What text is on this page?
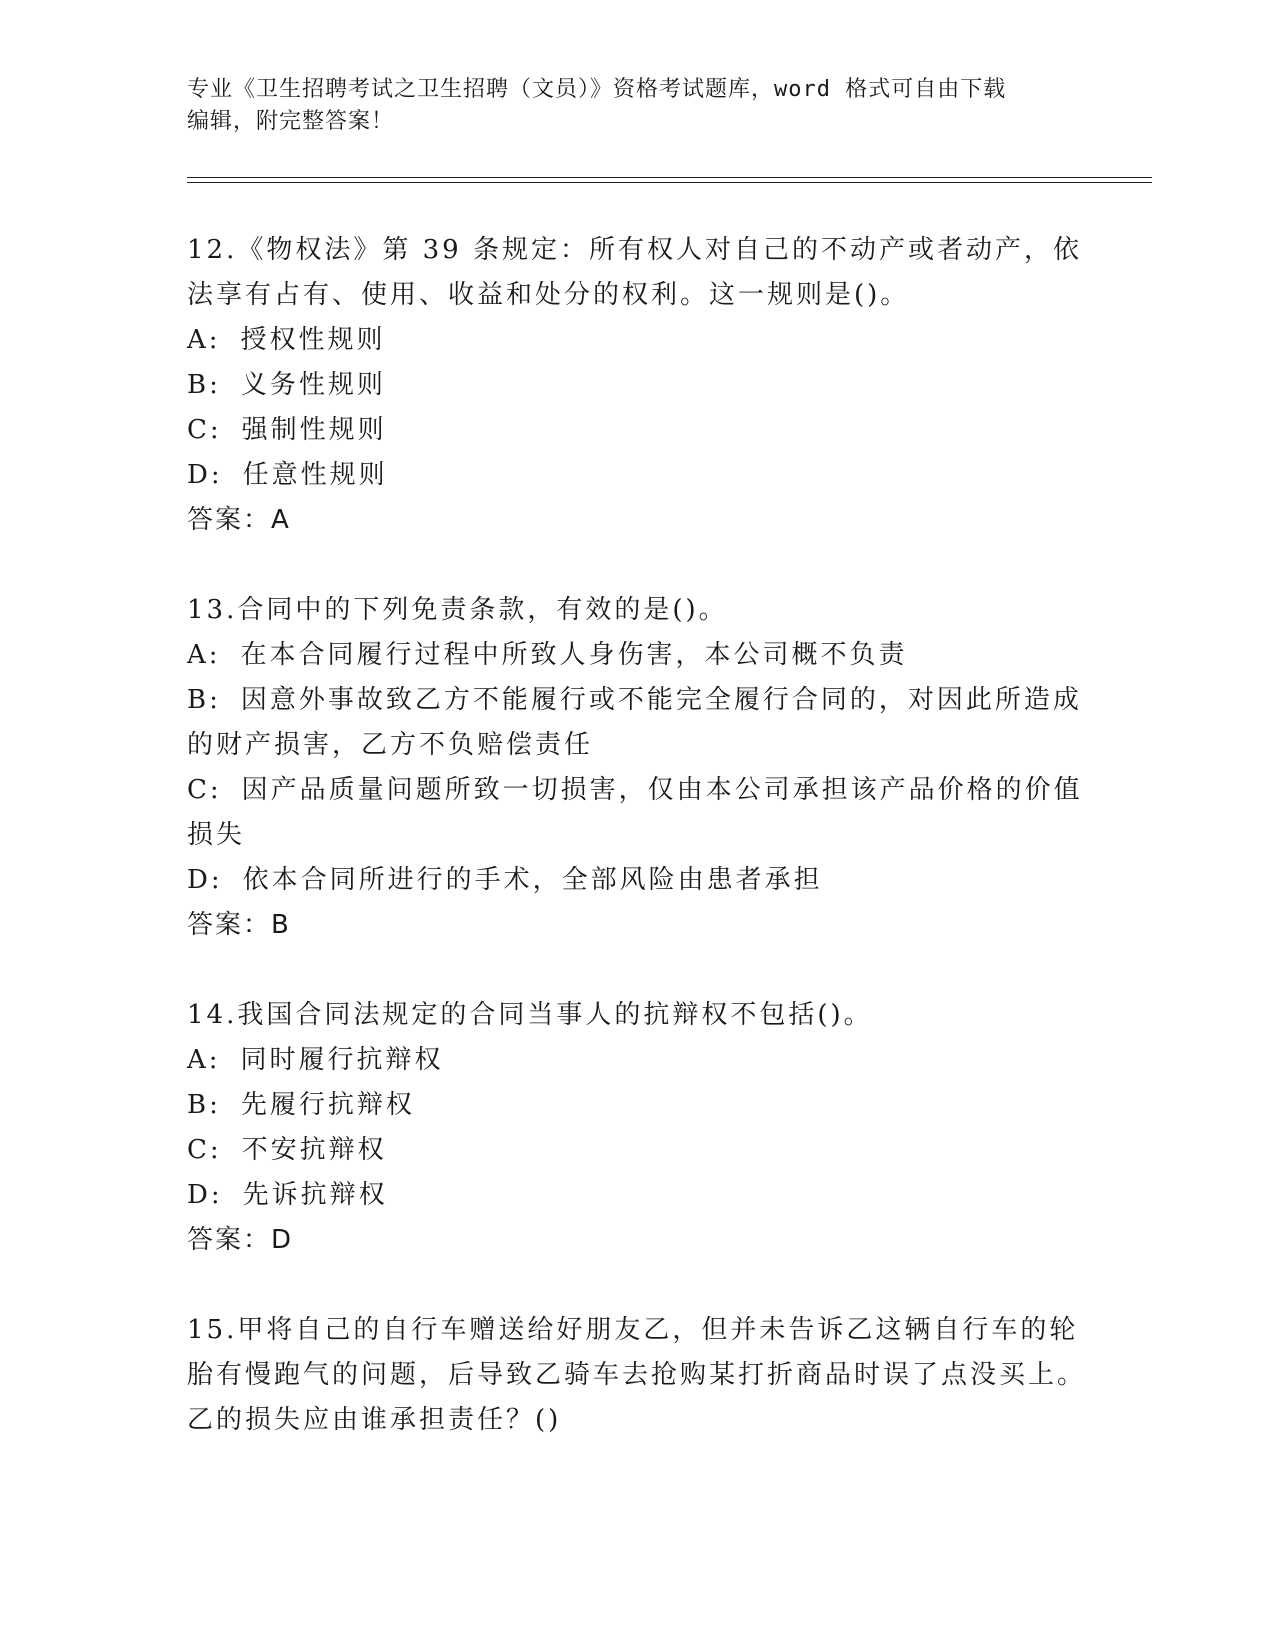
专业《卫生招聘考试之卫生招聘（文员）》资格考试题库，word 格式可自由下载
编辑，附完整答案！
12.《物权法》第 39 条规定：所有权人对自己的不动产或者动产，依法享有占有、使用、收益和处分的权利。这一规则是()。
A: 授权性规则
B: 义务性规则
C: 强制性规则
D: 任意性规则
答案：A
13.合同中的下列免责条款，有效的是()。
A: 在本合同履行过程中所致人身伤害，本公司概不负责
B: 因意外事故致乙方不能履行或不能完全履行合同的，对因此所造成的财产损害，乙方不负赔偿责任
C: 因产品质量问题所致一切损害，仅由本公司承担该产品价格的价值损失
D: 依本合同所进行的手术，全部风险由患者承担
答案：B
14.我国合同法规定的合同当事人的抗辩权不包括()。
A: 同时履行抗辩权
B: 先履行抗辩权
C: 不安抗辩权
D: 先诉抗辩权
答案：D
15.甲将自己的自行车赠送给好朋友乙，但并未告诉乙这辆自行车的轮胎有慢跑气的问题，后导致乙骑车去抢购某打折商品时误了点没买上。乙的损失应由谁承担责任？()
